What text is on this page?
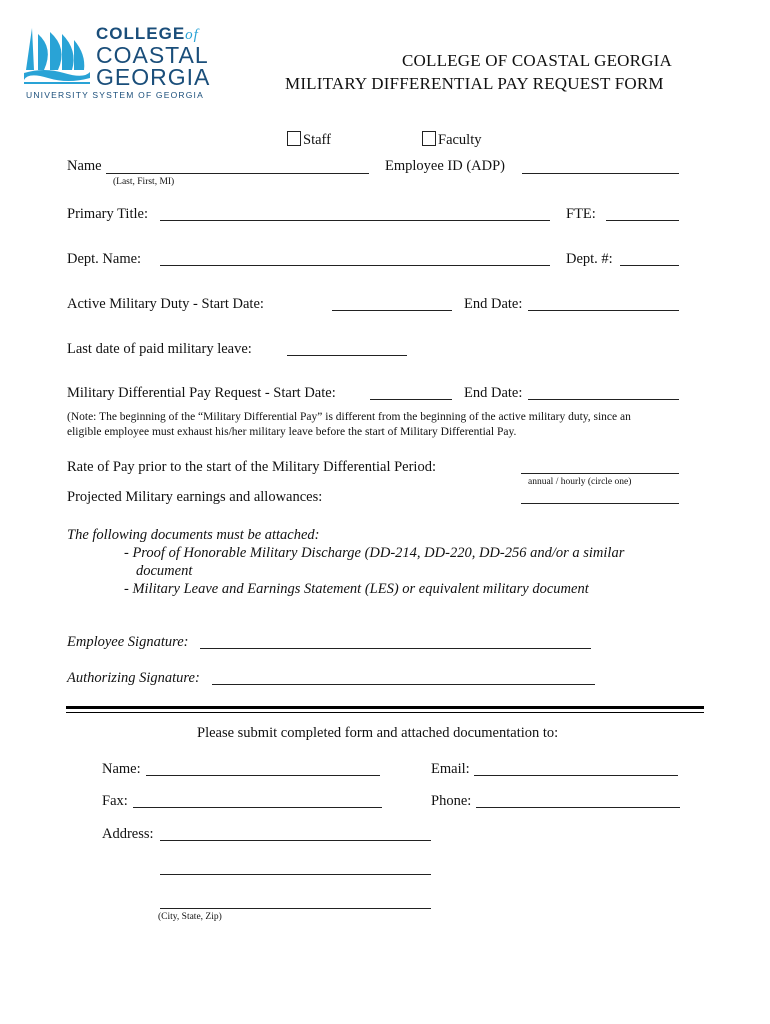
COLLEGEof
COASTAL
GEORGIA
UNIVERSITY SYSTEM OF GEORGIA
COLLEGE OF COASTAL GEORGIA
MILITARY DIFFERENTIAL PAY REQUEST FORM
Staff	Faculty
Name
(Last, First, MI)
Employee ID (ADP)
Primary Title:	FTE:
Dept. Name:	Dept. #:
Active Military Duty - Start Date:	End Date:
Last date of paid military leave:
Military Differential Pay Request - Start Date:	End Date:
(Note: The beginning of the “Military Differential Pay” is different from the beginning of the active military duty, since an
eligible employee must exhaust his/her military leave before the start of Military Differential Pay.
Rate of Pay prior to the start of the Military Differential Period:
annual / hourly (circle one)
Projected Military earnings and allowances:
The following documents must be attached:
- Proof of Honorable Military Discharge (DD-214, DD-220, DD-256 and/or a similar
document
- Military Leave and Earnings Statement (LES) or equivalent military document
Employee Signature:
Authorizing Signature:
Please submit completed form and attached documentation to:
Name:	Email:
Fax:	Phone:
Address:
(City, State, Zip)
